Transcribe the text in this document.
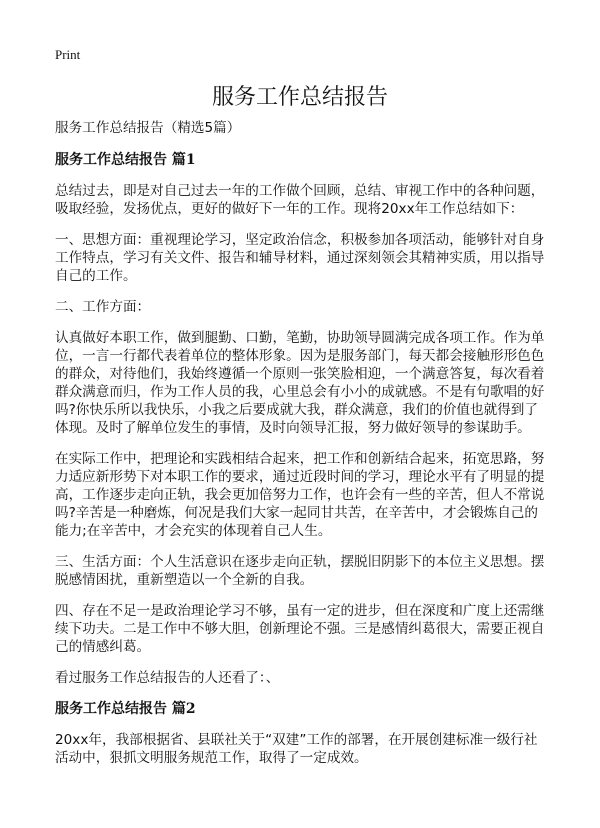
Print
服务工作总结报告

服务工作总结报告（精选5篇）

服务工作总结报告 篇1

总结过去，即是对自己过去一年的工作做个回顾，总结、审视工作中的各种问题，吸取经验，发扬优点，更好的做好下一年的工作。现将20xx年工作总结如下：

一、思想方面：重视理论学习，坚定政治信念，积极参加各项活动，能够针对自身工作特点，学习有关文件、报告和辅导材料，通过深刻领会其精神实质，用以指导自己的工作。

二、工作方面：

认真做好本职工作，做到腿勤、口勤，笔勤，协助领导圆满完成各项工作。作为单位，一言一行都代表着单位的整体形象。因为是服务部门，每天都会接触形形色色的群众，对待他们，我始终遵循一个原则一张笑脸相迎，一个满意答复，每次看着群众满意而归，作为工作人员的我，心里总会有小小的成就感。不是有句歌唱的好吗?你快乐所以我快乐，小我之后要成就大我，群众满意，我们的价值也就得到了体现。及时了解单位发生的事情，及时向领导汇报，努力做好领导的参谋助手。

在实际工作中，把理论和实践相结合起来，把工作和创新结合起来，拓宽思路，努力适应新形势下对本职工作的要求，通过近段时间的学习，理论水平有了明显的提高，工作逐步走向正轨，我会更加倍努力工作，也许会有一些的辛苦，但人不常说吗?辛苦是一种磨炼，何况是我们大家一起同甘共苦，在辛苦中，才会锻炼自己的能力;在辛苦中，才会充实的体现着自己人生。

三、生活方面：个人生活意识在逐步走向正轨，摆脱旧阴影下的本位主义思想。摆脱感情困扰，重新塑造以一个全新的自我。

四、存在不足一是政治理论学习不够，虽有一定的进步，但在深度和广度上还需继续下功夫。二是工作中不够大胆，创新理论不强。三是感情纠葛很大，需要正视自己的情感纠葛。

看过服务工作总结报告的人还看了：、

服务工作总结报告 篇2

20xx年，我部根据省、县联社关于“双建”工作的部署，在开展创建标准一级行社活动中，狠抓文明服务规范工作，取得了一定成效。
